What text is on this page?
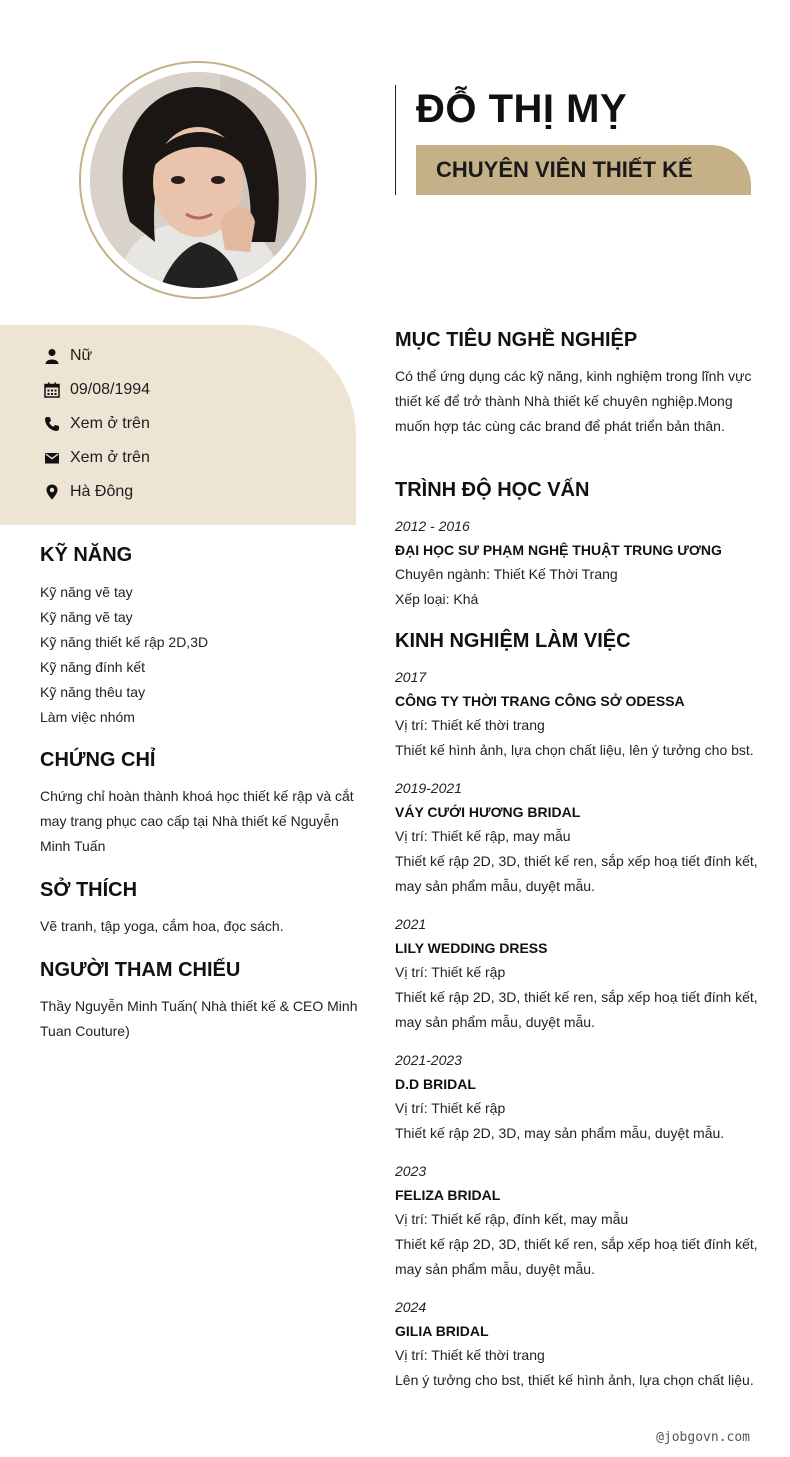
ĐỖ THỊ MỴ
CHUYÊN VIÊN THIẾT KẾ
Nữ
09/08/1994
Xem ở trên
Xem ở trên
Hà Đông
KỸ NĂNG
Kỹ năng vẽ tay
Kỹ năng vẽ tay
Kỹ năng thiết kế rập 2D,3D
Kỹ năng đính kết
Kỹ năng thêu tay
Làm việc nhóm
CHỨNG CHỈ
Chứng chỉ hoàn thành khoá học thiết kế rập và cắt may trang phục cao cấp tại Nhà thiết kế Nguyễn Minh Tuấn
SỞ THÍCH
Vẽ tranh, tập yoga, cắm hoa, đọc sách.
NGƯỜI THAM CHIẾU
Thầy Nguyễn Minh Tuấn( Nhà thiết kế & CEO Minh Tuan Couture)
MỤC TIÊU NGHỀ NGHIỆP
Có thể ứng dụng các kỹ năng, kinh nghiệm trong lĩnh vực thiết kế để trở thành Nhà thiết kế chuyên nghiệp.Mong muốn hợp tác cùng các brand để phát triển bản thân.
TRÌNH ĐỘ HỌC VẤN
2012 - 2016
ĐẠI HỌC SƯ PHẠM NGHỆ THUẬT TRUNG ƯƠNG
Chuyên ngành: Thiết Kế Thời Trang
Xếp loại: Khá
KINH NGHIỆM LÀM VIỆC
2017
CÔNG TY THỜI TRANG CÔNG SỞ ODESSA
Vị trí: Thiết kế thời trang
Thiết kế hình ảnh, lựa chọn chất liệu, lên ý tưởng cho bst.
2019-2021
VÁY CƯỚI HƯƠNG BRIDAL
Vị trí: Thiết kế rập, may mẫu
Thiết kế rập 2D, 3D, thiết kế ren, sắp xếp hoạ tiết đính kết, may sản phẩm mẫu, duyệt mẫu.
2021
LILY WEDDING DRESS
Vị trí: Thiết kế rập
Thiết kế rập 2D, 3D, thiết kế ren, sắp xếp hoạ tiết đính kết, may sản phẩm mẫu, duyệt mẫu.
2021-2023
D.D BRIDAL
Vị trí: Thiết kế rập
Thiết kế rập 2D, 3D, may sản phẩm mẫu, duyệt mẫu.
2023
FELIZA BRIDAL
Vị trí: Thiết kế rập, đính kết, may mẫu
Thiết kế rập 2D, 3D, thiết kế ren, sắp xếp hoạ tiết đính kết, may sản phẩm mẫu, duyệt mẫu.
2024
GILIA BRIDAL
Vị trí: Thiết kế thời trang
Lên ý tưởng cho bst, thiết kế hình ảnh, lựa chọn chất liệu.
@jobgovn.com
